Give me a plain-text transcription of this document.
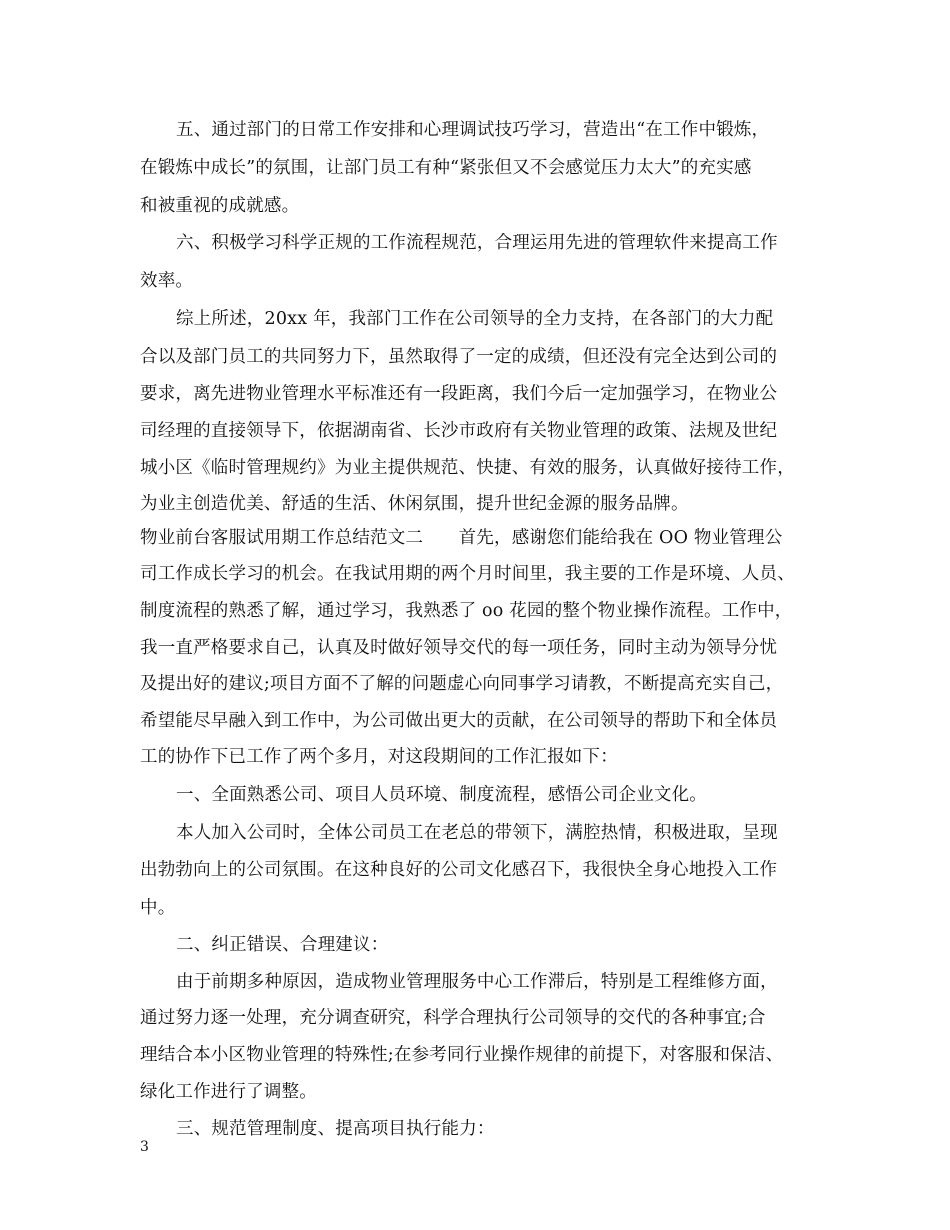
五、通过部门的日常工作安排和心理调试技巧学习，营造出“在工作中锻炼，
在锻炼中成长”的氛围，让部门员工有种“紧张但又不会感觉压力太大”的充实感
和被重视的成就感。
六、积极学习科学正规的工作流程规范，合理运用先进的管理软件来提高工作
效率。
综上所述，20xx 年，我部门工作在公司领导的全力支持，在各部门的大力配
合以及部门员工的共同努力下，虽然取得了一定的成绩，但还没有完全达到公司的
要求，离先进物业管理水平标准还有一段距离，我们今后一定加强学习，在物业公
司经理的直接领导下，依据湖南省、长沙市政府有关物业管理的政策、法规及世纪
城小区《临时管理规约》为业主提供规范、快捷、有效的服务，认真做好接待工作，
为业主创造优美、舒适的生活、休闲氛围，提升世纪金源的服务品牌。
物业前台客服试用期工作总结范文二　　首先，感谢您们能给我在 OO 物业管理公
司工作成长学习的机会。在我试用期的两个月时间里，我主要的工作是环境、人员、
制度流程的熟悉了解，通过学习，我熟悉了 oo 花园的整个物业操作流程。工作中，
我一直严格要求自己，认真及时做好领导交代的每一项任务，同时主动为领导分忧
及提出好的建议;项目方面不了解的问题虚心向同事学习请教，不断提高充实自己，
希望能尽早融入到工作中，为公司做出更大的贡献，在公司领导的帮助下和全体员
工的协作下已工作了两个多月，对这段期间的工作汇报如下：
一、全面熟悉公司、项目人员环境、制度流程，感悟公司企业文化。
本人加入公司时，全体公司员工在老总的带领下，满腔热情，积极进取，呈现
出勃勃向上的公司氛围。在这种良好的公司文化感召下，我很快全身心地投入工作
中。
二、纠正错误、合理建议：
由于前期多种原因，造成物业管理服务中心工作滞后，特别是工程维修方面，
通过努力逐一处理，充分调查研究，科学合理执行公司领导的交代的各种事宜;合
理结合本小区物业管理的特殊性;在参考同行业操作规律的前提下，对客服和保洁、
绿化工作进行了调整。
三、规范管理制度、提高项目执行能力：
3
